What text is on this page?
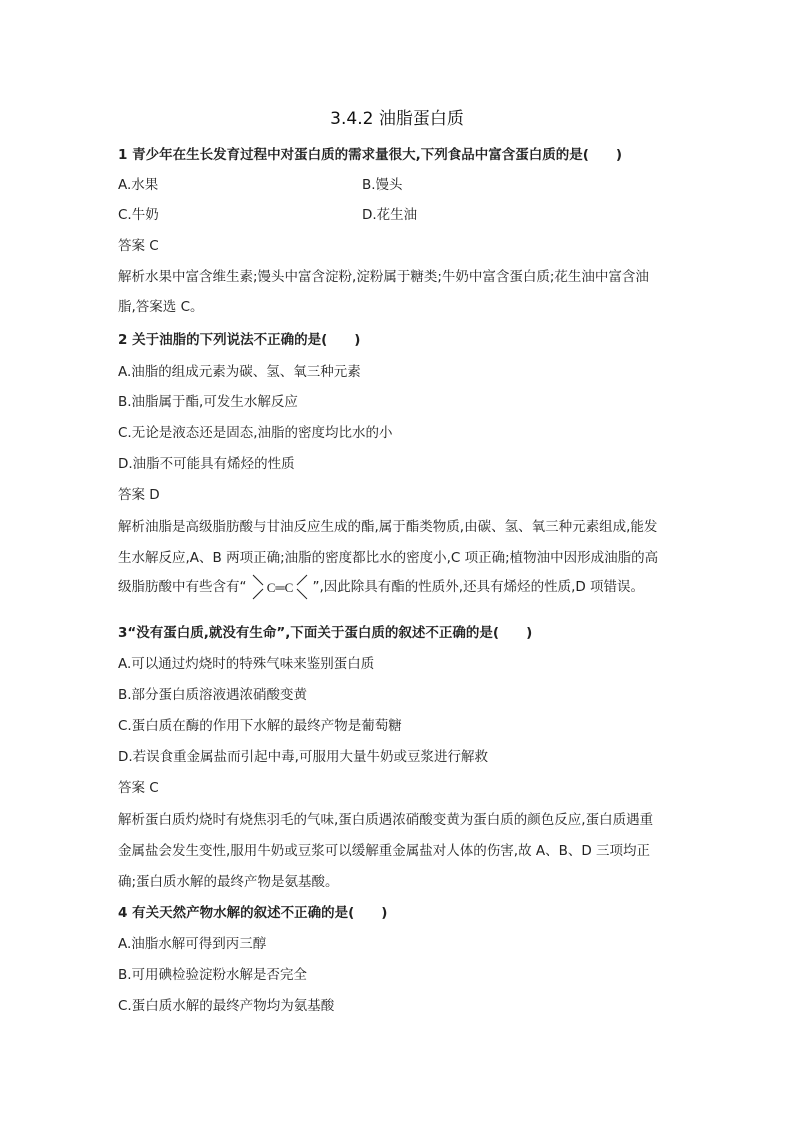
3.4.2 油脂蛋白质
1 青少年在生长发育过程中对蛋白质的需求量很大,下列食品中富含蛋白质的是(　　)
A.水果	B.馒头
C.牛奶	D.花生油
答案 C
解析水果中富含维生素;馒头中富含淀粉,淀粉属于糖类;牛奶中富含蛋白质;花生油中富含油
脂,答案选 C。
2 关于油脂的下列说法不正确的是(　　)
A.油脂的组成元素为碳、氢、氧三种元素
B.油脂属于酯,可发生水解反应
C.无论是液态还是固态,油脂的密度均比水的小
D.油脂不可能具有烯烃的性质
答案 D
解析油脂是高级脂肪酸与甘油反应生成的酯,属于酯类物质,由碳、氢、氧三种元素组成,能发
生水解反应,A、B 两项正确;油脂的密度都比水的密度小,C 项正确;植物油中因形成油脂的高
级脂肪酸中有些含有“ C═C ”,因此除具有酯的性质外,还具有烯烃的性质,D 项错误。
3“没有蛋白质,就没有生命”,下面关于蛋白质的叙述不正确的是(　　)
A.可以通过灼烧时的特殊气味来鉴别蛋白质
B.部分蛋白质溶液遇浓硝酸变黄
C.蛋白质在酶的作用下水解的最终产物是葡萄糖
D.若误食重金属盐而引起中毒,可服用大量牛奶或豆浆进行解救
答案 C
解析蛋白质灼烧时有烧焦羽毛的气味,蛋白质遇浓硝酸变黄为蛋白质的颜色反应,蛋白质遇重
金属盐会发生变性,服用牛奶或豆浆可以缓解重金属盐对人体的伤害,故 A、B、D 三项均正
确;蛋白质水解的最终产物是氨基酸。
4 有关天然产物水解的叙述不正确的是(　　)
A.油脂水解可得到丙三醇
B.可用碘检验淀粉水解是否完全
C.蛋白质水解的最终产物均为氨基酸
